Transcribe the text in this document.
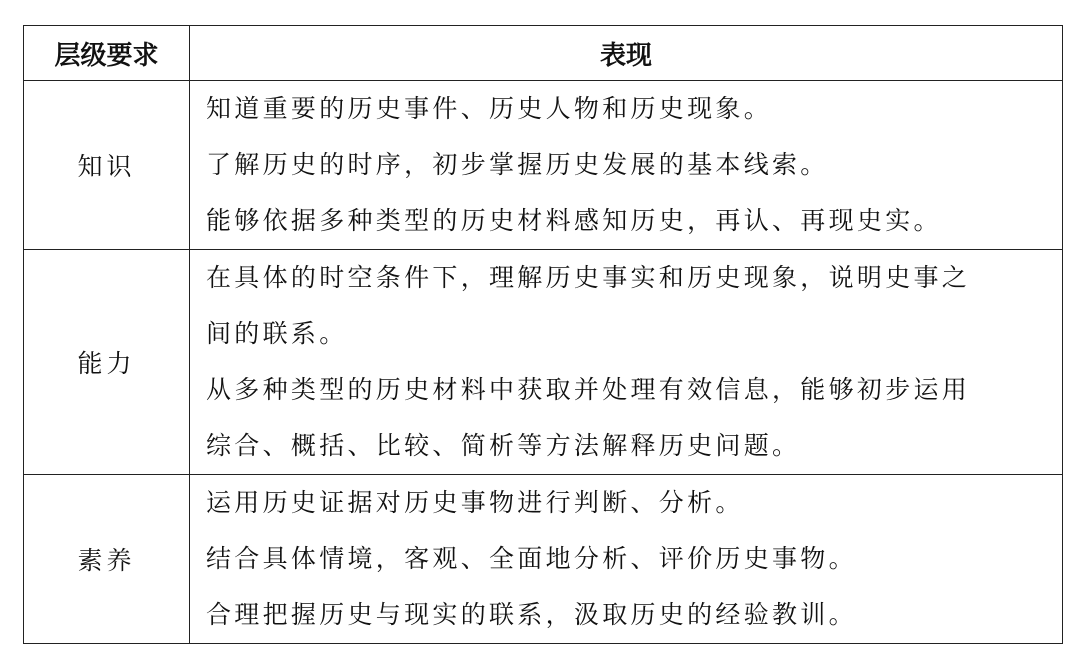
层级要求	表现
知识	知道重要的历史事件、历史人物和历史现象。
了解历史的时序，初步掌握历史发展的基本线索。
能够依据多种类型的历史材料感知历史，再认、再现史实。

能力	在具体的时空条件下，理解历史事实和历史现象，说明史事之
间的联系。
从多种类型的历史材料中获取并处理有效信息，能够初步运用
综合、概括、比较、简析等方法解释历史问题。

素养	运用历史证据对历史事物进行判断、分析。
结合具体情境，客观、全面地分析、评价历史事物。
合理把握历史与现实的联系，汲取历史的经验教训。
